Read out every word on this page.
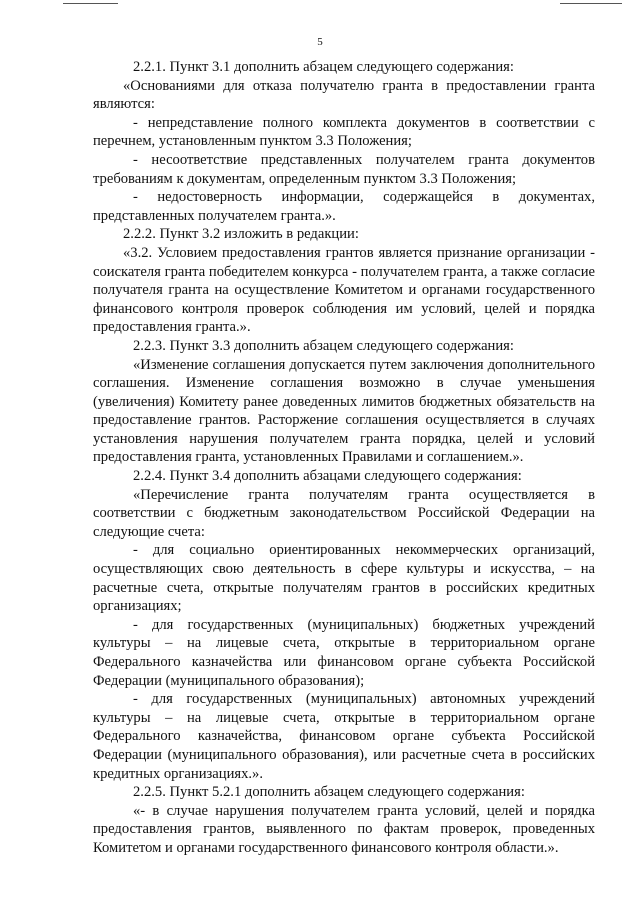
5

2.2.1. Пункт 3.1 дополнить абзацем следующего содержания:

«Основаниями для отказа получателю гранта в предоставлении гранта являются:

- непредставление полного комплекта документов в соответствии с перечнем, установленным пунктом 3.3 Положения;

- несоответствие представленных получателем гранта документов требованиям к документам, определенным пунктом 3.3 Положения;

- недостоверность информации, содержащейся в документах, представленных получателем гранта.».

2.2.2. Пункт 3.2 изложить в редакции:

«3.2. Условием предоставления грантов является признание организации - соискателя гранта победителем конкурса - получателем гранта, а также согласие получателя гранта на осуществление Комитетом и органами государственного финансового контроля проверок соблюдения им условий, целей и порядка предоставления гранта.».

2.2.3. Пункт 3.3 дополнить абзацем следующего содержания:

«Изменение соглашения допускается путем заключения дополнительного соглашения. Изменение соглашения возможно в случае уменьшения (увеличения) Комитету ранее доведенных лимитов бюджетных обязательств на предоставление грантов. Расторжение соглашения осуществляется в случаях установления нарушения получателем гранта порядка, целей и условий предоставления гранта, установленных Правилами и соглашением.».

2.2.4. Пункт 3.4 дополнить абзацами следующего содержания:

«Перечисление гранта получателям гранта осуществляется в соответствии с бюджетным законодательством Российской Федерации на следующие счета:

- для социально ориентированных некоммерческих организаций, осуществляющих свою деятельность в сфере культуры и искусства, – на расчетные счета, открытые получателям грантов в российских кредитных организациях;

- для государственных (муниципальных) бюджетных учреждений культуры – на лицевые счета, открытые в территориальном органе Федерального казначейства или финансовом органе субъекта Российской Федерации (муниципального образования);

- для государственных (муниципальных) автономных учреждений культуры – на лицевые счета, открытые в территориальном органе Федерального казначейства, финансовом органе субъекта Российской Федерации (муниципального образования), или расчетные счета в российских кредитных организациях.».

2.2.5. Пункт 5.2.1 дополнить абзацем следующего содержания:

«- в случае нарушения получателем гранта условий, целей и порядка предоставления грантов, выявленного по фактам проверок, проведенных Комитетом и органами государственного финансового контроля области.».
